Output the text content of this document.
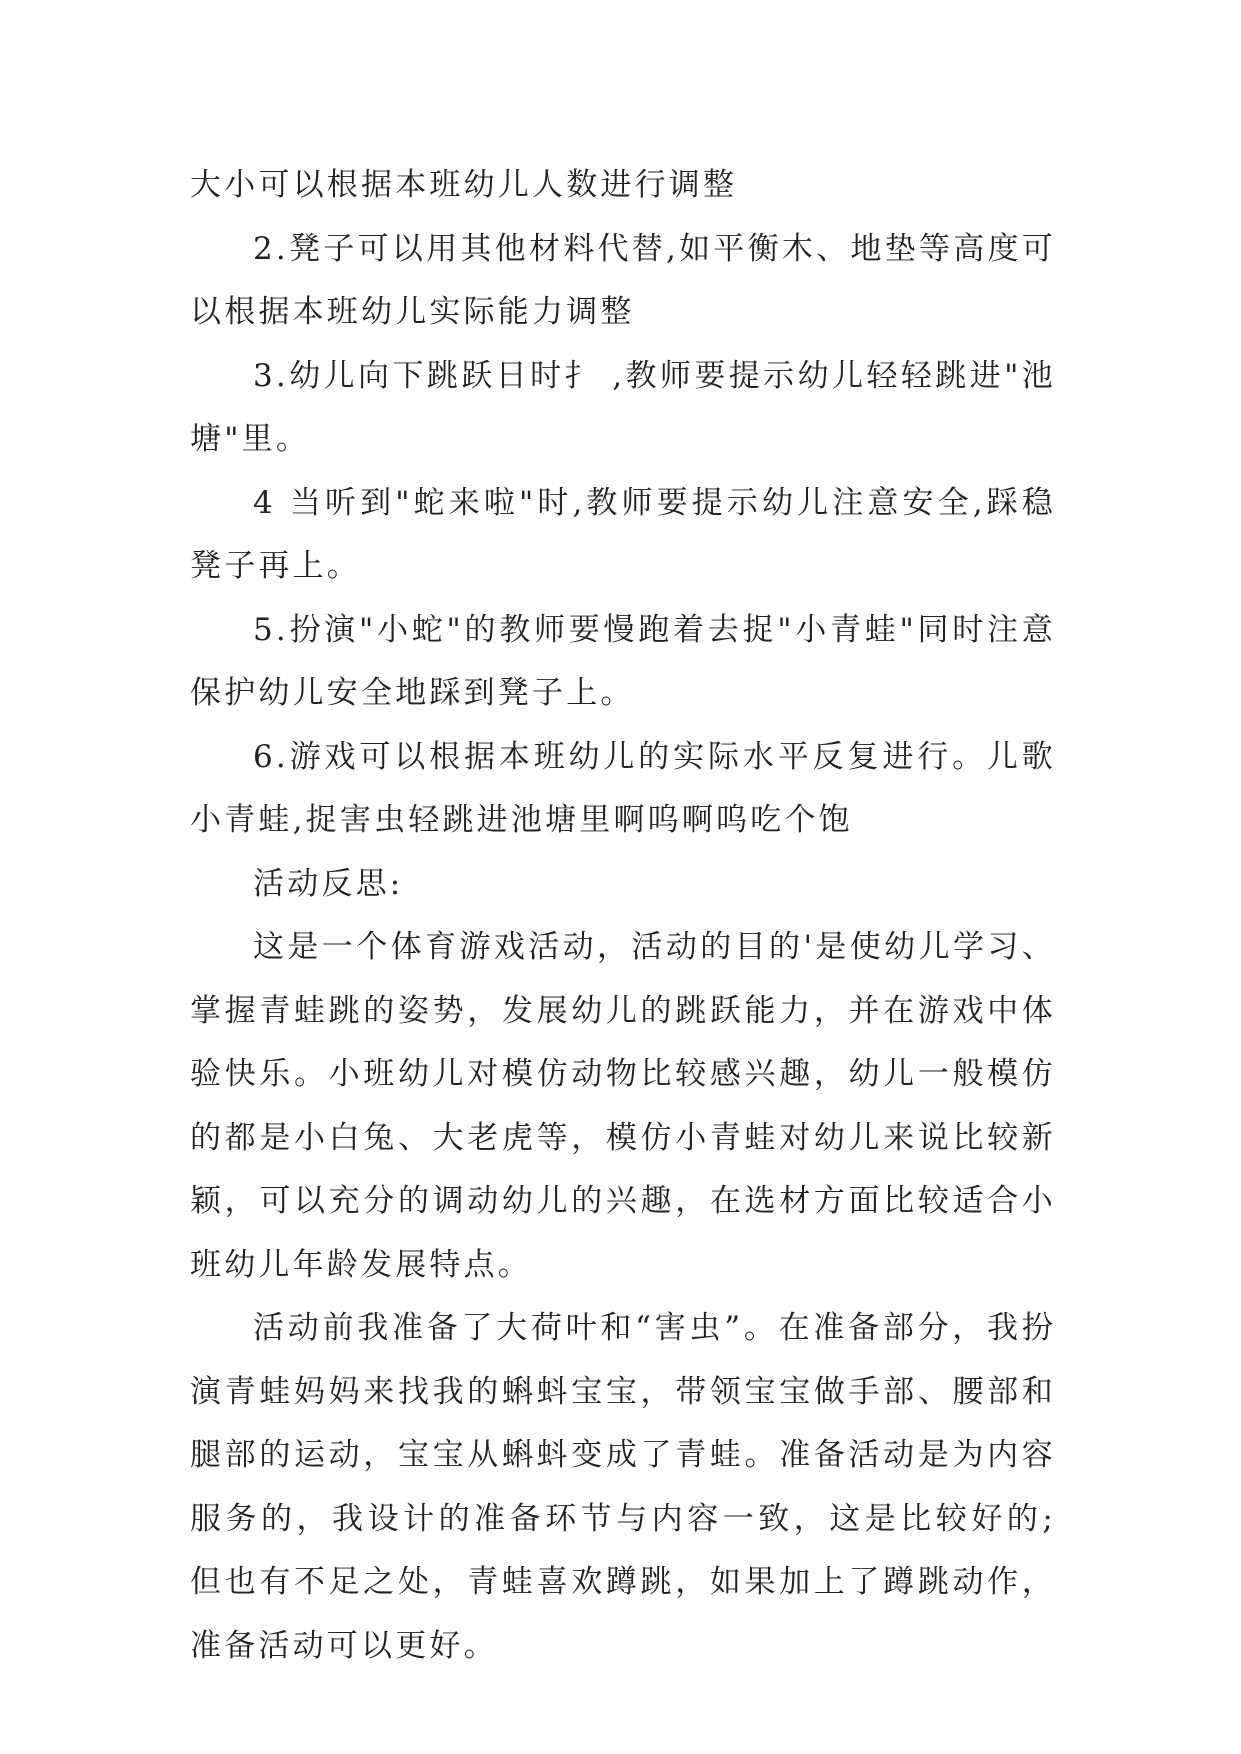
大小可以根据本班幼儿人数进行调整

2.凳子可以用其他材料代替,如平衡木、地垫等高度可以根据本班幼儿实际能力调整

3.幼儿向下跳跃日时扌 ,教师要提示幼儿轻轻跳进"池塘"里。

4 当听到"蛇来啦"时,教师要提示幼儿注意安全,踩稳凳子再上。

5.扮演"小蛇"的教师要慢跑着去捉"小青蛙"同时注意保护幼儿安全地踩到凳子上。

6.游戏可以根据本班幼儿的实际水平反复进行。儿歌小青蛙,捉害虫轻跳进池塘里啊呜啊呜吃个饱

活动反思:

这是一个体育游戏活动，活动的目的'是使幼儿学习、掌握青蛙跳的姿势，发展幼儿的跳跃能力，并在游戏中体验快乐。小班幼儿对模仿动物比较感兴趣，幼儿一般模仿的都是小白兔、大老虎等，模仿小青蛙对幼儿来说比较新颖，可以充分的调动幼儿的兴趣，在选材方面比较适合小班幼儿年龄发展特点。

活动前我准备了大荷叶和“害虫”。在准备部分，我扮演青蛙妈妈来找我的蝌蚪宝宝，带领宝宝做手部、腰部和腿部的运动，宝宝从蝌蚪变成了青蛙。准备活动是为内容服务的，我设计的准备环节与内容一致，这是比较好的;但也有不足之处，青蛙喜欢蹲跳，如果加上了蹲跳动作，准备活动可以更好。
